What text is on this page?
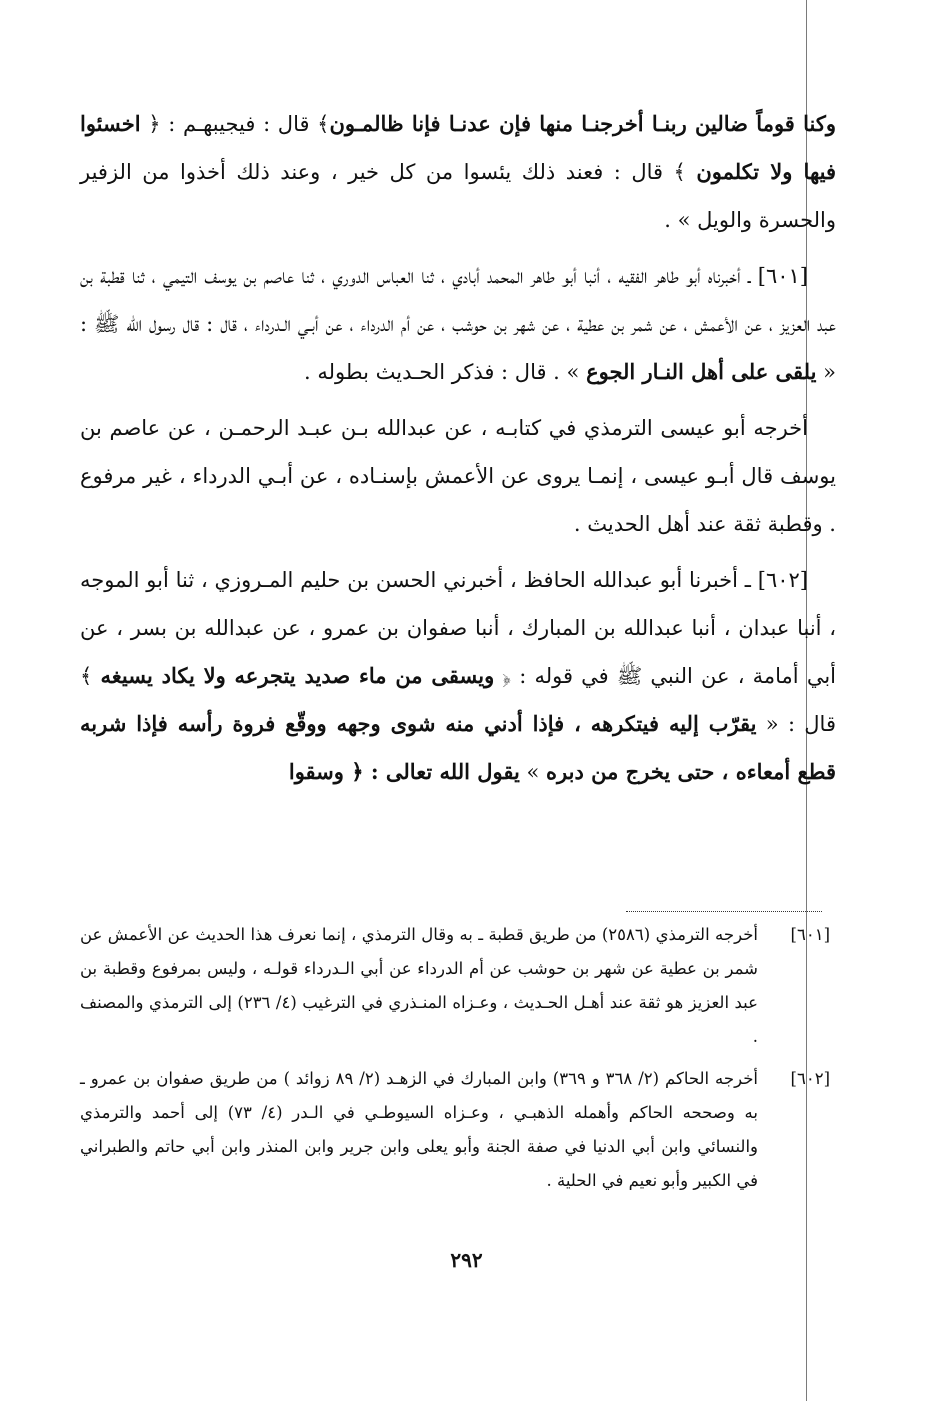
وكنا قوماً ضالين ربنـا أخرجنـا منها فإن عدنـا فإنا ظالمـون﴾ قال : فيجيبهـم : ﴿ اخسئوا فيها ولا تكلمون ﴾ قال : فعند ذلك يئسوا من كل خير ، وعند ذلك أخذوا من الزفير والحسرة والويل » .

[٦٠١] ـ أخبرناه أبو طاهر الفقيه ، أنبا أبو طاهر المحمد أبادي ، ثنا العباس الدوري ، ثنا عاصم بن يوسف التيمي ، ثنا قطبة بن عبد العزيز ، عن الأعمش ، عن شمر بن عطية ، عن شهر بن حوشب ، عن أم الدرداء ، عن أبـي الـدرداء ، قال : قال رسول الله ﷺ : « يلقى على أهل النـار الجوع » . قال : فذكر الحـديث بطوله .

أخرجه أبو عيسى الترمذي في كتابـه ، عن عبدالله بـن عبـد الرحمـن ، عن عاصم بن يوسف قال أبـو عيسى ، إنمـا يروى عن الأعمش بإسنـاده ، عن أبـي الدرداء ، غير مرفوع . وقطبة ثقة عند أهل الحديث .

[٦٠٢] ـ أخبرنا أبو عبدالله الحافظ ، أخبرني الحسن بن حليم المـروزي ، ثنا أبو الموجه ، أنبا عبدان ، أنبا عبدالله بن المبارك ، أنبا صفوان بن عمرو ، عن عبدالله بن بسر ، عن أبي أمامة ، عن النبي ﷺ في قوله : ﴿ ويسقى من ماء صديد يتجرعه ولا يكاد يسيغه ﴾ قال : « يقرّب إليه فيتكرهه ، فإذا أدني منه شوى وجهه ووقّع فروة رأسه فإذا شربه قطع أمعاءه ، حتى يخرج من دبره » يقول الله تعالى : ﴿ وسقوا

[٦٠١]
أخرجه الترمذي (٢٥٨٦) من طريق قطبة ـ به وقال الترمذي ، إنما نعرف هذا الحديث عن الأعمش عن شمر بن عطية عن شهر بن حوشب عن أم الدرداء عن أبي الـدرداء قولـه ، وليس بمرفوع وقطبة بن عبد العزيز هو ثقة عند أهـل الحـديث ، وعـزاه المنـذري في الترغيب (٤/ ٢٣٦) إلى الترمذي والمصنف .

[٦٠٢]
أخرجه الحاكم (٢/ ٣٦٨ و ٣٦٩) وابن المبارك في الزهـد (٢/ ٨٩ زوائد ) من طريق صفوان بن عمرو ـ به وصححه الحاكم وأهمله الذهبـي ، وعـزاه السيوطـي في الـدر (٤/ ٧٣) إلى أحمد والترمذي والنسائي وابن أبي الدنيا في صفة الجنة وأبو يعلى وابن جرير وابن المنذر وابن أبي حاتم والطبراني في الكبير وأبو نعيم في الحلية .

٢٩٢
